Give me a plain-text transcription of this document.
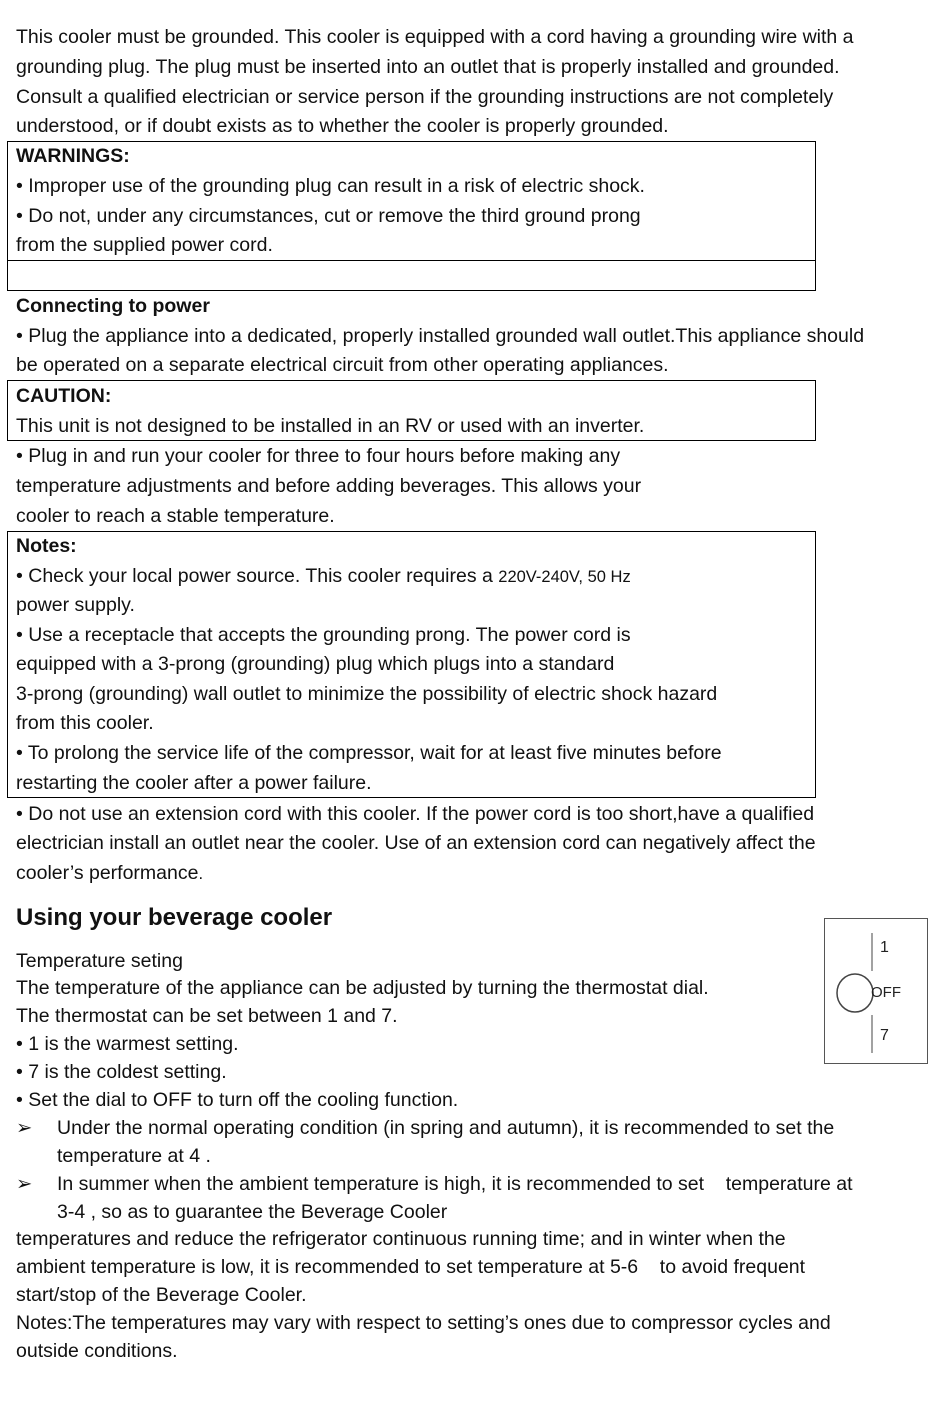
This cooler must be grounded. This cooler is equipped with a cord having a grounding wire with a
grounding plug. The plug must be inserted into an outlet that is properly installed and grounded.
Consult a qualified electrician or service person if the grounding instructions are not completely
understood, or if doubt exists as to whether the cooler is properly grounded.
WARNINGS:
• Improper use of the grounding plug can result in a risk of electric shock.
• Do not, under any circumstances, cut or remove the third ground prong
from the supplied power cord.
Connecting to power
• Plug the appliance into a dedicated, properly installed grounded wall outlet.This appliance should
be operated on a separate electrical circuit from other operating appliances.
CAUTION:
This unit is not designed to be installed in an RV or used with an inverter.
• Plug in and run your cooler for three to four hours before making any
temperature adjustments and before adding beverages. This allows your
cooler to reach a stable temperature.
Notes:
• Check your local power source. This cooler requires a 220V-240V, 50 Hz
power supply.
• Use a receptacle that accepts the grounding prong. The power cord is
equipped with a 3-prong (grounding) plug which plugs into a standard
3-prong (grounding) wall outlet to minimize the possibility of electric shock hazard
from this cooler.
• To prolong the service life of the compressor, wait for at least five minutes before
restarting the cooler after a power failure.
• Do not use an extension cord with this cooler. If the power cord is too short,have a qualified
electrician install an outlet near the cooler. Use of an extension cord can negatively affect the
cooler’s performance.
Using your beverage cooler
Temperature seting
The temperature of the appliance can be adjusted by turning the thermostat dial.
The thermostat can be set between 1 and 7.
• 1 is the warmest setting.
• 7 is the coldest setting.
• Set the dial to OFF to turn off the cooling function.
➢ Under the normal operating condition (in spring and autumn), it is recommended to set the
temperature at 4 .
➢ In summer when the ambient temperature is high, it is recommended to set    temperature at
3-4 , so as to guarantee the Beverage Cooler
temperatures and reduce the refrigerator continuous running time; and in winter when the
ambient temperature is low, it is recommended to set temperature at 5-6    to avoid frequent
start/stop of the Beverage Cooler.
Notes:The temperatures may vary with respect to setting’s ones due to compressor cycles and
outside conditions.
1
OFF
7
